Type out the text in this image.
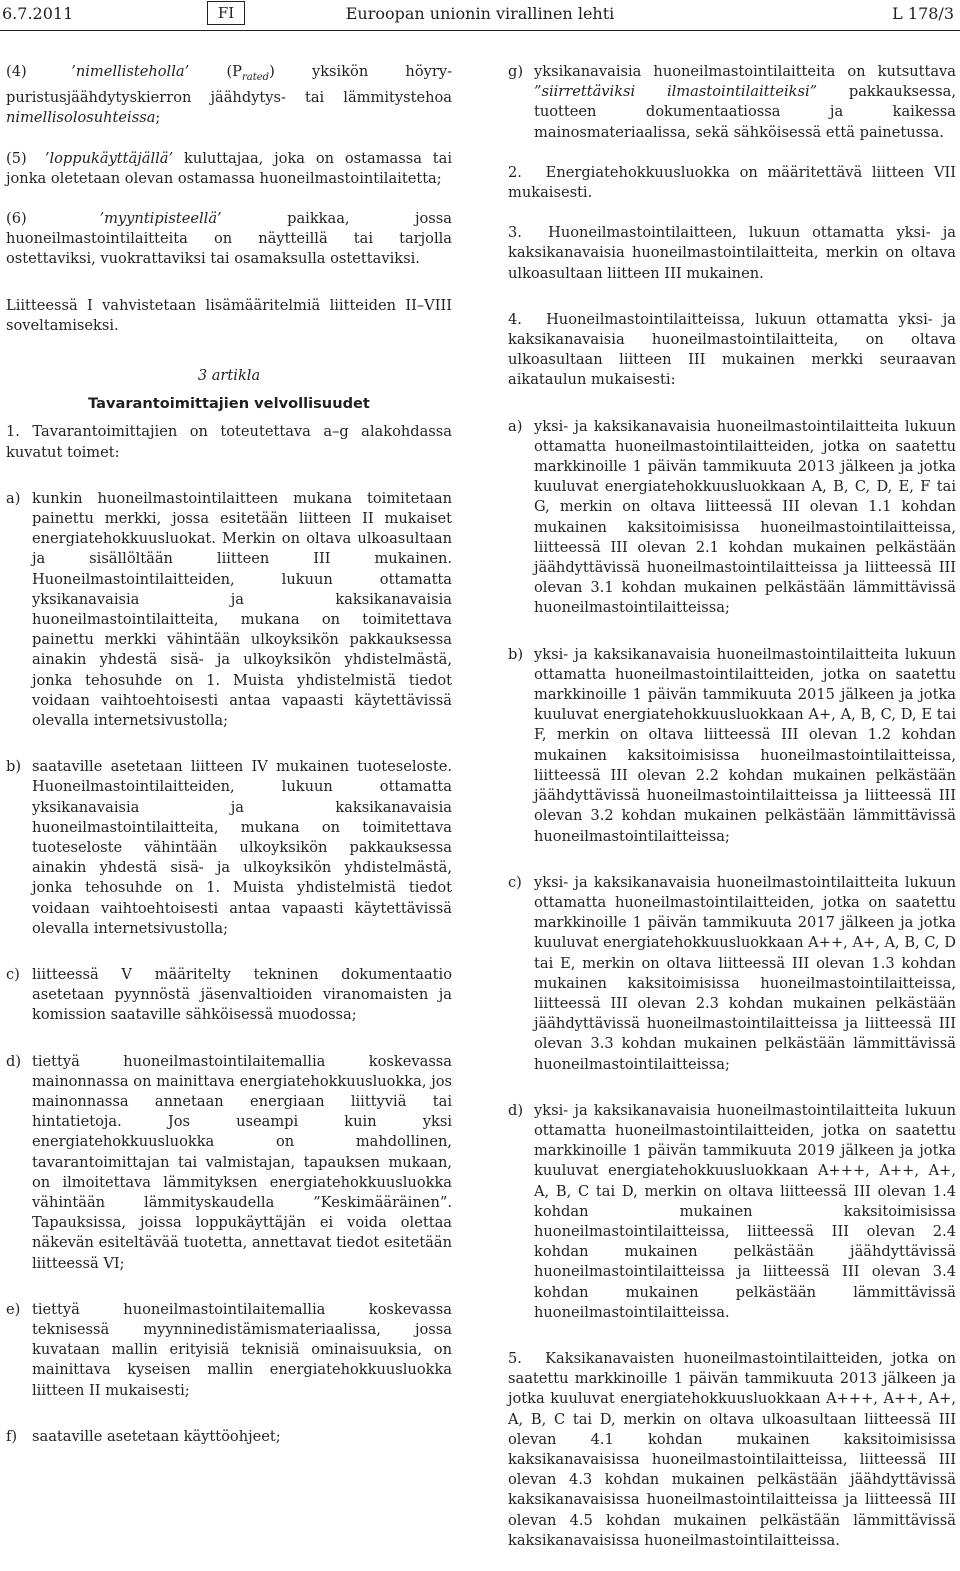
6.7.2011	FI	Euroopan unionin virallinen lehti	L 178/3

(4)	’nimellisteholla’	$(P_{rated})$ yksikön höyry-puristusjäähdytyskierron jäähdytys- tai lämmitystehoa nimellisolosuhteissa;

(5) ’loppukäyttäjällä’ kuluttajaa, joka on ostamassa tai jonka oletetaan olevan ostamassa huoneilmastointilaitetta;

(6)	’myyntipisteellä’ paikkaa, jossa huoneilmastointilaitteita on näytteillä tai tarjolla ostettaviksi, vuokrattaviksi tai osamaksulla ostettaviksi.

Liitteessä I vahvistetaan lisämääritelmiä liitteiden II–VIII soveltamiseksi.

3 artikla

Tavarantoimittajien velvollisuudet

1. Tavarantoimittajien on toteutettava a–g alakohdassa kuvatut toimet:

a) kunkin huoneilmastointilaitteen mukana toimitetaan painettu merkki, jossa esitetään liitteen II mukaiset energiatehokkuusluokat. Merkin on oltava ulkoasultaan ja sisällöltään liitteen III mukainen. Huoneilmastointilaitteiden, lukuun ottamatta yksikanavaisia ja kaksikanavaisia huoneilmastointilaitteita, mukana on toimitettava painettu merkki vähintään ulkoyksikön pakkauksessa ainakin yhdestä sisä- ja ulkoyksikön yhdistelmästä, jonka tehosuhde on 1. Muista yhdistelmistä tiedot voidaan vaihtoehtoisesti antaa vapaasti käytettävissä olevalla internetsivustolla;
b) saataville asetetaan liitteen IV mukainen tuoteseloste. Huoneilmastointilaitteiden, lukuun ottamatta yksikanavaisia ja kaksikanavaisia huoneilmastointilaitteita, mukana on toimitettava tuoteseloste vähintään ulkoyksikön pakkauksessa ainakin yhdestä sisä- ja ulkoyksikön yhdistelmästä, jonka tehosuhde on 1. Muista yhdistelmistä tiedot voidaan vaihtoehtoisesti antaa vapaasti käytettävissä olevalla internetsivustolla;
c) liitteessä V määritelty tekninen dokumentaatio asetetaan pyynnöstä jäsenvaltioiden viranomaisten ja komission saataville sähköisessä muodossa;
d) tiettyä huoneilmastointilaitemallia koskevassa mainonnassa on mainittava energiatehokkuusluokka, jos mainonnassa annetaan energiaan liittyviä tai hintatietoja. Jos useampi kuin yksi energiatehokkuusluokka on mahdollinen, tavarantoimittajan tai valmistajan, tapauksen mukaan, on ilmoitettava lämmityksen energiatehokkuusluokka vähintään lämmityskaudella ”Keskimääräinen”. Tapauksissa, joissa loppukäyttäjän ei voida olettaa näkevän esiteltävää tuotetta, annettavat tiedot esitetään liitteessä VI;
e) tiettyä huoneilmastointilaitemallia koskevassa teknisessä myynninedistämismateriaalissa, jossa kuvataan mallin erityisiä teknisiä ominaisuuksia, on mainittava kyseisen mallin energiatehokkuusluokka liitteen II mukaisesti;
f) saataville asetetaan käyttöohjeet;
g) yksikanavaisia huoneilmastointilaitteita on kutsuttava ”siirrettäviksi ilmastointilaitteiksi” pakkauksessa, tuotteen dokumentaatiossa ja kaikessa mainosmateriaalissa, sekä sähköisessä että painetussa.

2. Energiatehokkuusluokka on määritettävä liitteen VII mukaisesti.

3. Huoneilmastointilaitteen, lukuun ottamatta yksi- ja kaksikanavaisia huoneilmastointilaitteita, merkin on oltava ulkoasultaan liitteen III mukainen.

4. Huoneilmastointilaitteissa, lukuun ottamatta yksi- ja kaksikanavaisia huoneilmastointilaitteita, on oltava ulkoasultaan liitteen III mukainen merkki seuraavan aikataulun mukaisesti:

a) yksi- ja kaksikanavaisia huoneilmastointilaitteita lukuun ottamatta huoneilmastointilaitteiden, jotka on saatettu markkinoille 1 päivän tammikuuta 2013 jälkeen ja jotka kuuluvat energiatehokkuusluokkaan A, B, C, D, E, F tai G, merkin on oltava liitteessä III olevan 1.1 kohdan mukainen kaksitoimisissa huoneilmastointilaitteissa, liitteessä III olevan 2.1 kohdan mukainen pelkästään jäähdyttävissä huoneilmastointilaitteissa ja liitteessä III olevan 3.1 kohdan mukainen pelkästään lämmittävissä huoneilmastointilaitteissa;
b) yksi- ja kaksikanavaisia huoneilmastointilaitteita lukuun ottamatta huoneilmastointilaitteiden, jotka on saatettu markkinoille 1 päivän tammikuuta 2015 jälkeen ja jotka kuuluvat energiatehokkuusluokkaan A+, A, B, C, D, E tai F, merkin on oltava liitteessä III olevan 1.2 kohdan mukainen kaksitoimisissa huoneilmastointilaitteissa, liitteessä III olevan 2.2 kohdan mukainen pelkästään jäähdyttävissä huoneilmastointilaitteissa ja liitteessä III olevan 3.2 kohdan mukainen pelkästään lämmittävissä huoneilmastointilaitteissa;
c) yksi- ja kaksikanavaisia huoneilmastointilaitteita lukuun ottamatta huoneilmastointilaitteiden, jotka on saatettu markkinoille 1 päivän tammikuuta 2017 jälkeen ja jotka kuuluvat energiatehokkuusluokkaan A++, A+, A, B, C, D tai E, merkin on oltava liitteessä III olevan 1.3 kohdan mukainen kaksitoimisissa huoneilmastointilaitteissa, liitteessä III olevan 2.3 kohdan mukainen pelkästään jäähdyttävissä huoneilmastointilaitteissa ja liitteessä III olevan 3.3 kohdan mukainen pelkästään lämmittävissä huoneilmastointilaitteissa;
d) yksi- ja kaksikanavaisia huoneilmastointilaitteita lukuun ottamatta huoneilmastointilaitteiden, jotka on saatettu markkinoille 1 päivän tammikuuta 2019 jälkeen ja jotka kuuluvat energiatehokkuusluokkaan A+++, A++, A+, A, B, C tai D, merkin on oltava liitteessä III olevan 1.4 kohdan mukainen kaksitoimisissa huoneilmastointilaitteissa, liitteessä III olevan 2.4 kohdan mukainen pelkästään jäähdyttävissä huoneilmastointilaitteissa ja liitteessä III olevan 3.4 kohdan mukainen pelkästään lämmittävissä huoneilmastointilaitteissa.

5. Kaksikanavaisten huoneilmastointilaitteiden, jotka on saatettu markkinoille 1 päivän tammikuuta 2013 jälkeen ja jotka kuuluvat energiatehokkuusluokkaan A+++, A++, A+, A, B, C tai D, merkin on oltava ulkoasultaan liitteessä III olevan 4.1 kohdan mukainen kaksitoimisissa kaksikanavaisissa huoneilmastointilaitteissa, liitteessä III olevan 4.3 kohdan mukainen pelkästään jäähdyttävissä kaksikanavaisissa huoneilmastointilaitteissa ja liitteessä III olevan 4.5 kohdan mukainen pelkästään lämmittävissä kaksikanavaisissa huoneilmastointilaitteissa.
